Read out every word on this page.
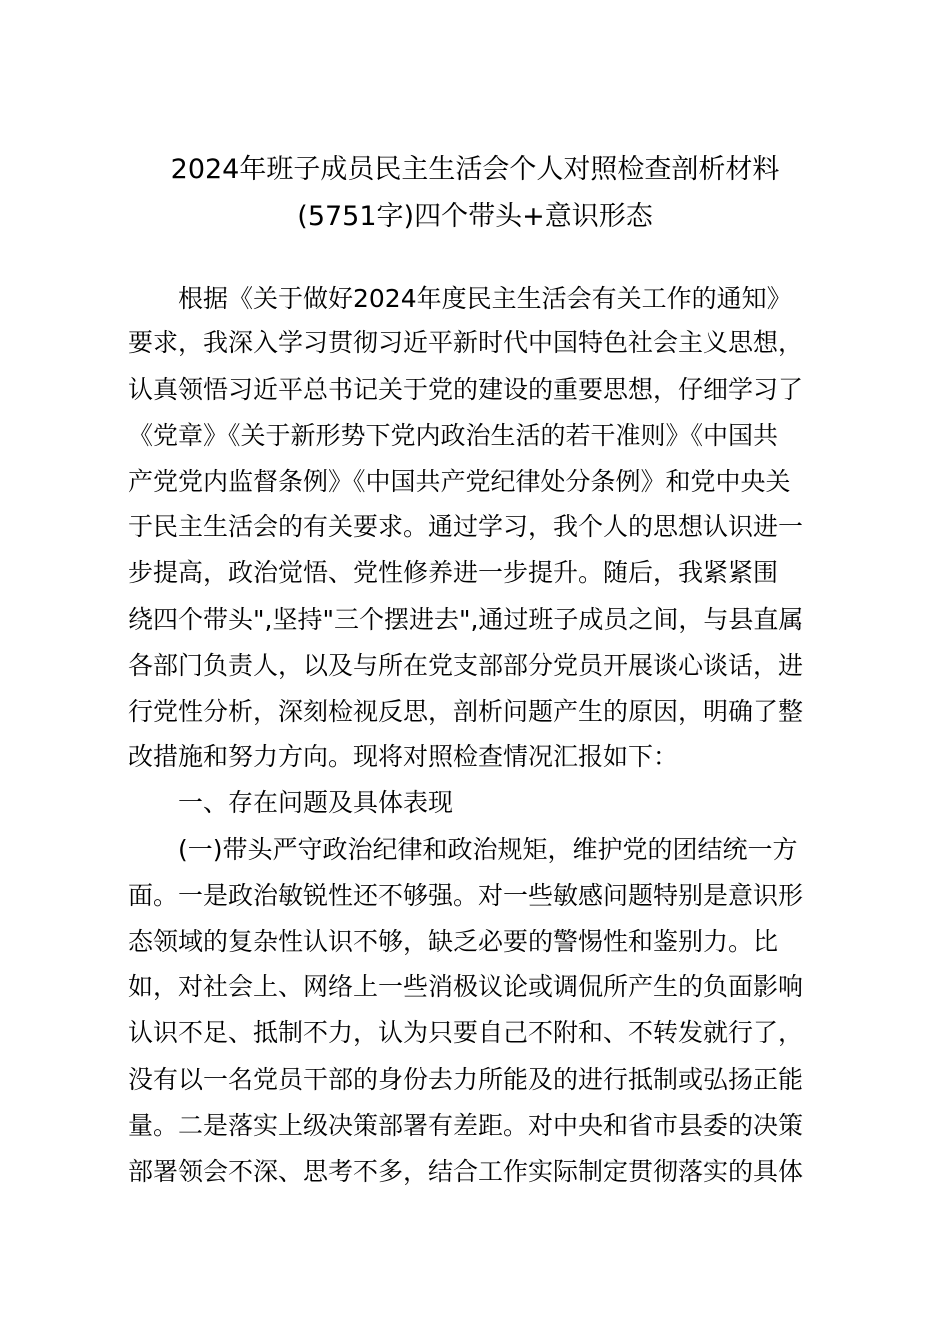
2024年班子成员民主生活会个人对照检查剖析材料
(5751字)四个带头+意识形态
根据《关于做好2024年度民主生活会有关工作的通知》
要求，我深入学习贯彻习近平新时代中国特色社会主义思想，
认真领悟习近平总书记关于党的建设的重要思想，仔细学习了
《党章》《关于新形势下党内政治生活的若干准则》《中国共
产党党内监督条例》《中国共产党纪律处分条例》和党中央关
于民主生活会的有关要求。通过学习，我个人的思想认识进一
步提高，政治觉悟、党性修养进一步提升。随后，我紧紧围
绕四个带头",坚持"三个摆进去",通过班子成员之间，与县直属
各部门负责人，以及与所在党支部部分党员开展谈心谈话，进
行党性分析，深刻检视反思，剖析问题产生的原因，明确了整
改措施和努力方向。现将对照检查情况汇报如下：
一、存在问题及具体表现
(一)带头严守政治纪律和政治规矩，维护党的团结统一方
面。一是政治敏锐性还不够强。对一些敏感问题特别是意识形
态领域的复杂性认识不够，缺乏必要的警惕性和鉴别力。比
如，对社会上、网络上一些消极议论或调侃所产生的负面影响
认识不足、抵制不力，认为只要自己不附和、不转发就行了，
没有以一名党员干部的身份去力所能及的进行抵制或弘扬正能
量。二是落实上级决策部署有差距。对中央和省市县委的决策
部署领会不深、思考不多，结合工作实际制定贯彻落实的具体
